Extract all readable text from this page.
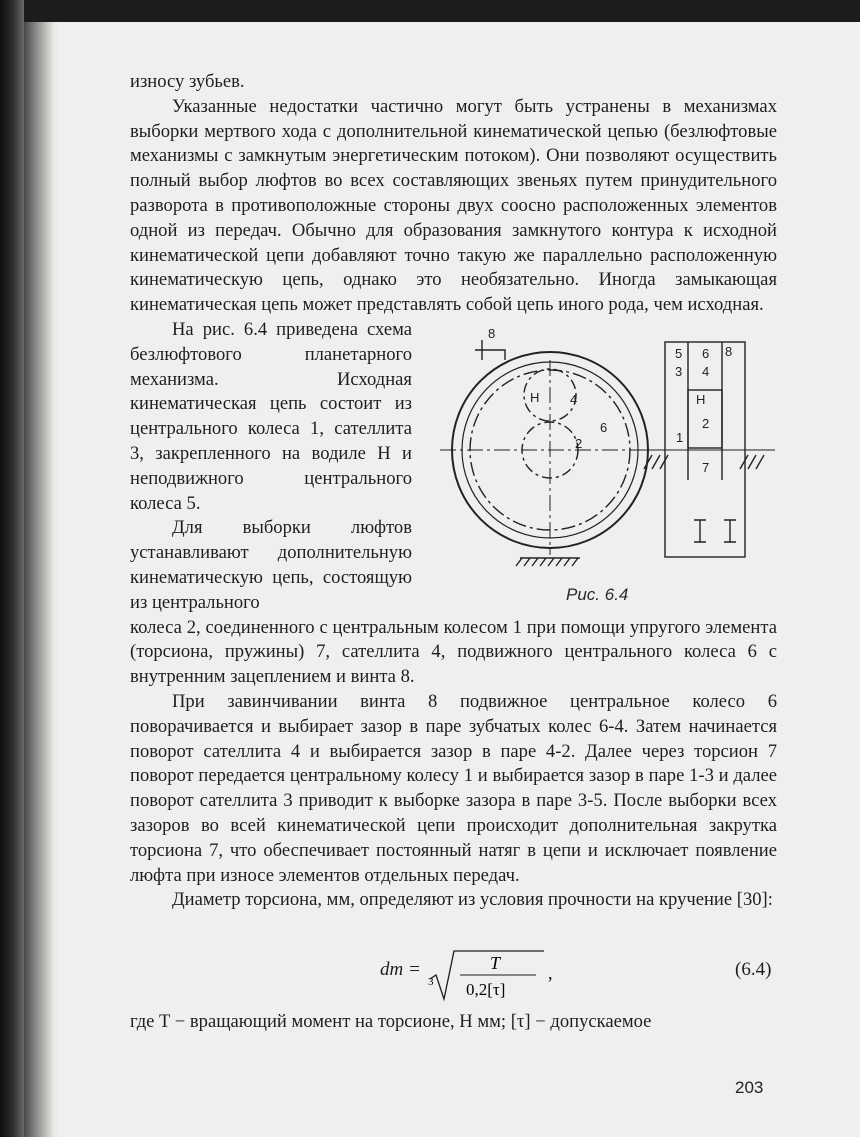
износу зубьев.

Указанные недостатки частично могут быть устранены в механизмах выборки мертвого хода с дополнительной кинематической цепью (безлюфтовые механизмы с замкнутым энергетическим потоком). Они позволяют осуществить полный выбор люфтов во всех составляющих звеньях путем принудительного разворота в противоположные стороны двух соосно расположенных элементов одной из передач. Обычно для образования замкнутого контура к исходной кинематической цепи добавляют точно такую же параллельно расположенную кинематическую цепь, однако это необязательно. Иногда замыкающая кинематическая цепь может представлять собой цепь иного рода, чем исходная.

На рис. 6.4 приведена схема безлюфтового планетарного механизма. Исходная кинематическая цепь состоит из центрального колеса 1, сателлита 3, закрепленного на водиле H и неподвижного центрального колеса 5.

Для выборки люфтов устанавливают дополнительную кинематическую цепь, состоящую из центрального

8
H 4
2
6
5 6 8
3 4
H
2
1
7

колеса 2, соединенного с центральным колесом 1 при помощи упругого элемента (торсиона, пружины) 7, сателлита 4, подвижного центрального колеса 6 с внутренним зацеплением и винта 8.

При завинчивании винта 8 подвижное центральное колесо 6 поворачивается и выбирает зазор в паре зубчатых колес 6-4. Затем начинается поворот сателлита 4 и выбирается зазор в паре 4-2. Далее через торсион 7 поворот передается центральному колесу 1 и выбирается зазор в паре 1-3 и далее поворот сателлита 3 приводит к выборке зазора в паре 3-5. После выборки всех зазоров во всей кинематической цепи происходит дополнительная закрутка торсиона 7, что обеспечивает постоянный натяг в цепи и исключает появление люфта при износе элементов отдельных передач.

Диаметр торсиона, мм, определяют из условия прочности на кручение [30]:

Рис. 6.4
dт =
3
T
0,2[τ]
,	(6.4)
где T − вращающий момент на торсионе, Н мм; [τ] − допускаемое
203
